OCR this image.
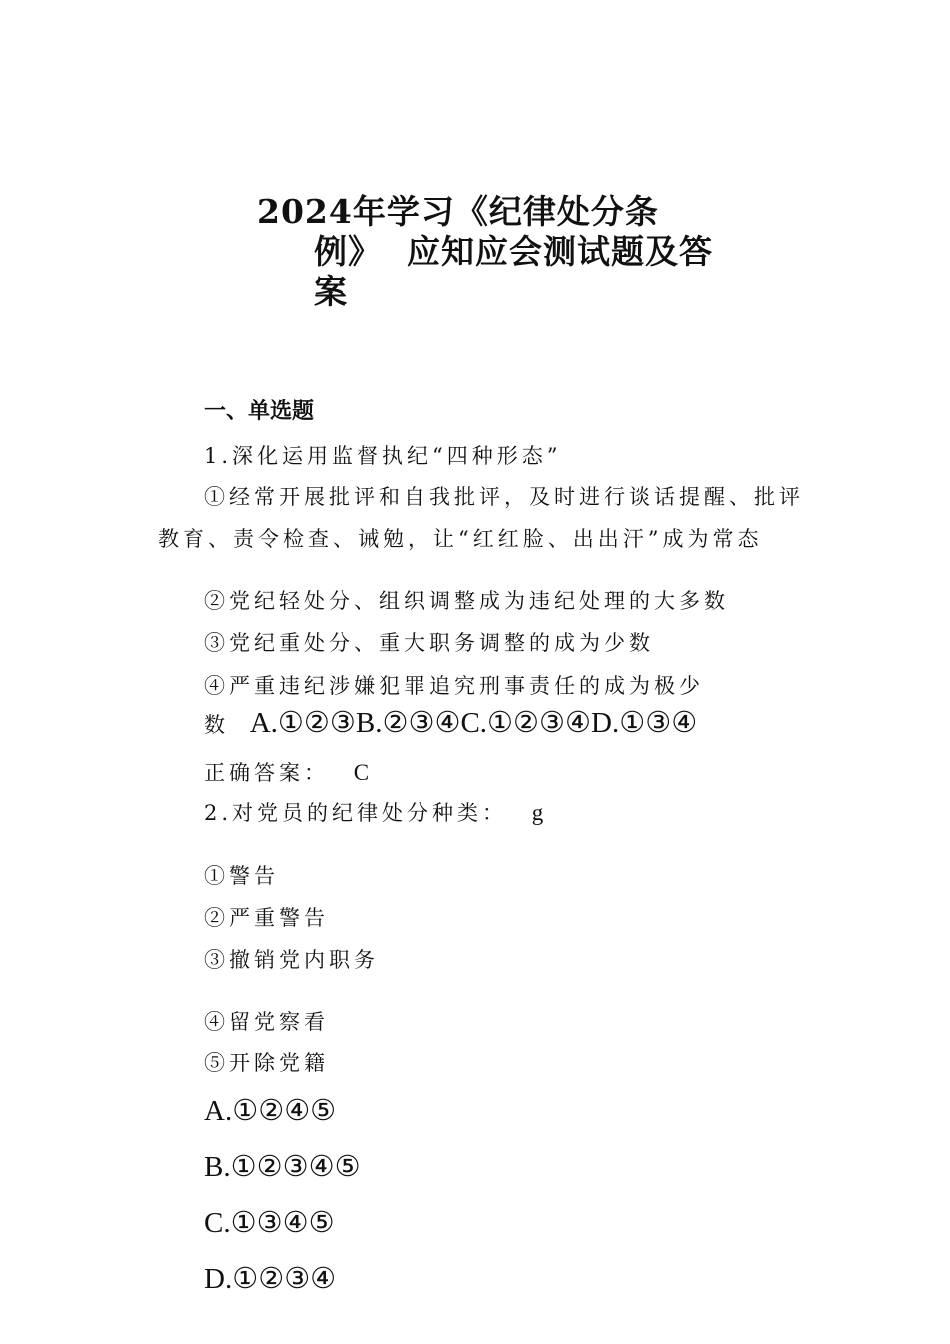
2024年学习《纪律处分条
例》  应知应会测试题及答
案
一、单选题
1.深化运用监督执纪“四种形态”
①经常开展批评和自我批评，及时进行谈话提醒、批评
教育、责令检查、诫勉，让“红红脸、出出汗”成为常态
②党纪轻处分、组织调整成为违纪处理的大多数
③党纪重处分、重大职务调整的成为少数
④严重违纪涉嫌犯罪追究刑事责任的成为极少
数 A.①②③B.②③④C.①②③④D.①③④
正确答案： C
2.对党员的纪律处分种类： g
①警告
②严重警告
③撤销党内职务
④留党察看
⑤开除党籍
A.①②④⑤
B.①②③④⑤
C.①③④⑤
D.①②③④
